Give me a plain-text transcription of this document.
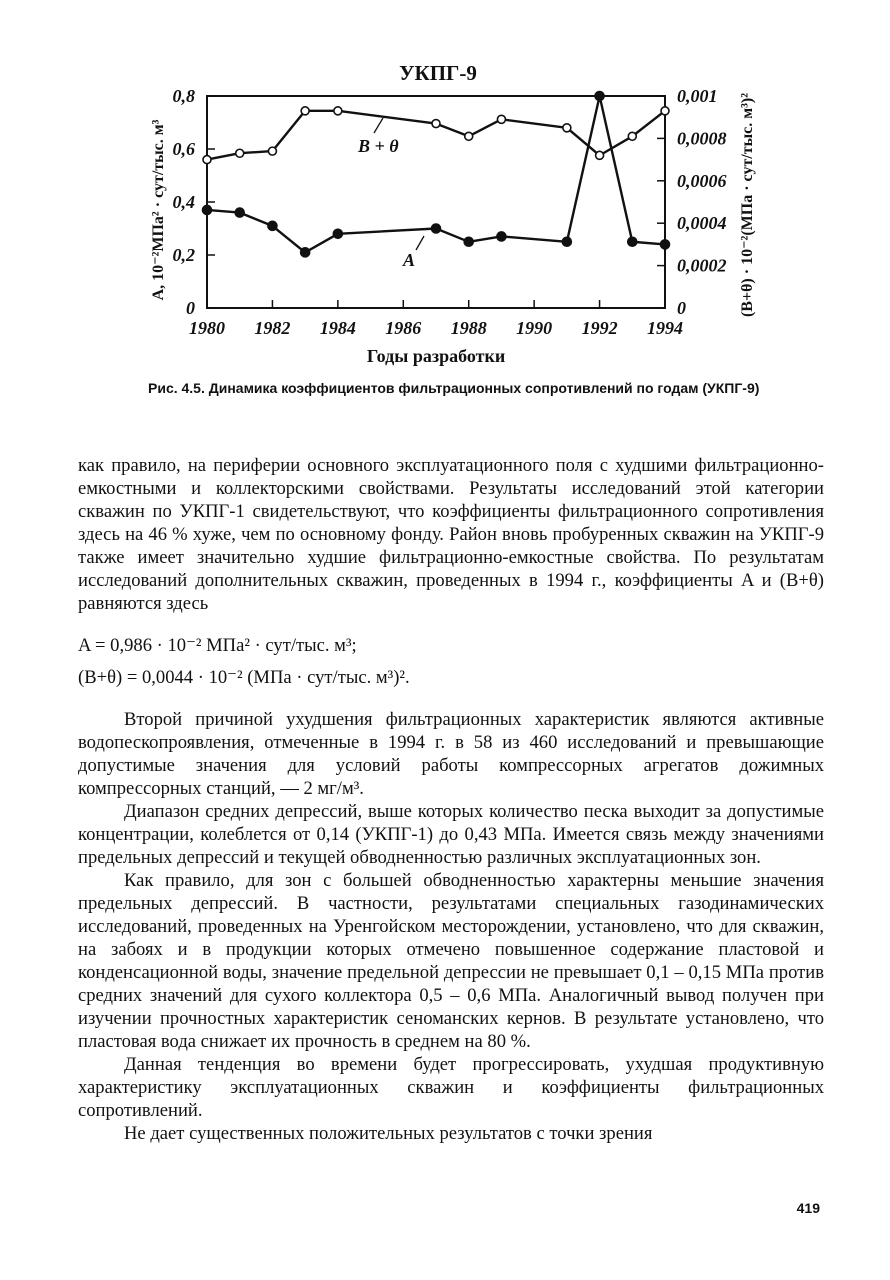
УКПГ-9
1980 1982 1984 1986 1988 1990 1992 1994
0
0,2
0,4
0,6
0,8
0
0,0002
0,0004
0,0006
0,0008
0,001
B + θ
A
A, 10⁻²МПа² · сут/тыс. м³	(B+θ) · 10⁻²(МПа · сут/тыс. м³)²
Годы разработки
Рис. 4.5. Динамика коэффициентов фильтрационных сопротивлений по годам (УКПГ-9)

как правило, на периферии основного эксплуатационного поля с худшими фильтрационно-емкостными и коллекторскими свойствами. Результаты исследований этой категории скважин по УКПГ-1 свидетельствуют, что коэффициенты фильтрационного сопротивления здесь на 46 % хуже, чем по основному фонду. Район вновь пробуренных скважин на УКПГ-9 также имеет значительно худшие фильтрационно-емкостные свойства. По результатам исследований дополнительных скважин, проведенных в 1994 г., коэффициенты A и (B+θ) равняются здесь

A = 0,986 · 10⁻² МПа² · сут/тыс. м³;
(B+θ) = 0,0044 · 10⁻² (МПа · сут/тыс. м³)².

Второй причиной ухудшения фильтрационных характеристик являются активные водопескопроявления, отмеченные в 1994 г. в 58 из 460 исследований и превышающие допустимые значения для условий работы компрессорных агрегатов дожимных компрессорных станций, — 2 мг/м³.

Диапазон средних депрессий, выше которых количество песка выходит за допустимые концентрации, колеблется от 0,14 (УКПГ-1) до 0,43 МПа. Имеется связь между значениями предельных депрессий и текущей обводненностью различных эксплуатационных зон.

Как правило, для зон с большей обводненностью характерны меньшие значения предельных депрессий. В частности, результатами специальных газодинамических исследований, проведенных на Уренгойском месторождении, установлено, что для скважин, на забоях и в продукции которых отмечено повышенное содержание пластовой и конденсационной воды, значение предельной депрессии не превышает 0,1 – 0,15 МПа против средних значений для сухого коллектора 0,5 – 0,6 МПа. Аналогичный вывод получен при изучении прочностных характеристик сеноманских кернов. В результате установлено, что пластовая вода снижает их прочность в среднем на 80 %.

Данная тенденция во времени будет прогрессировать, ухудшая продуктивную характеристику эксплуатационных скважин и коэффициенты фильтрационных сопротивлений.

Не дает существенных положительных результатов с точки зрения

419
